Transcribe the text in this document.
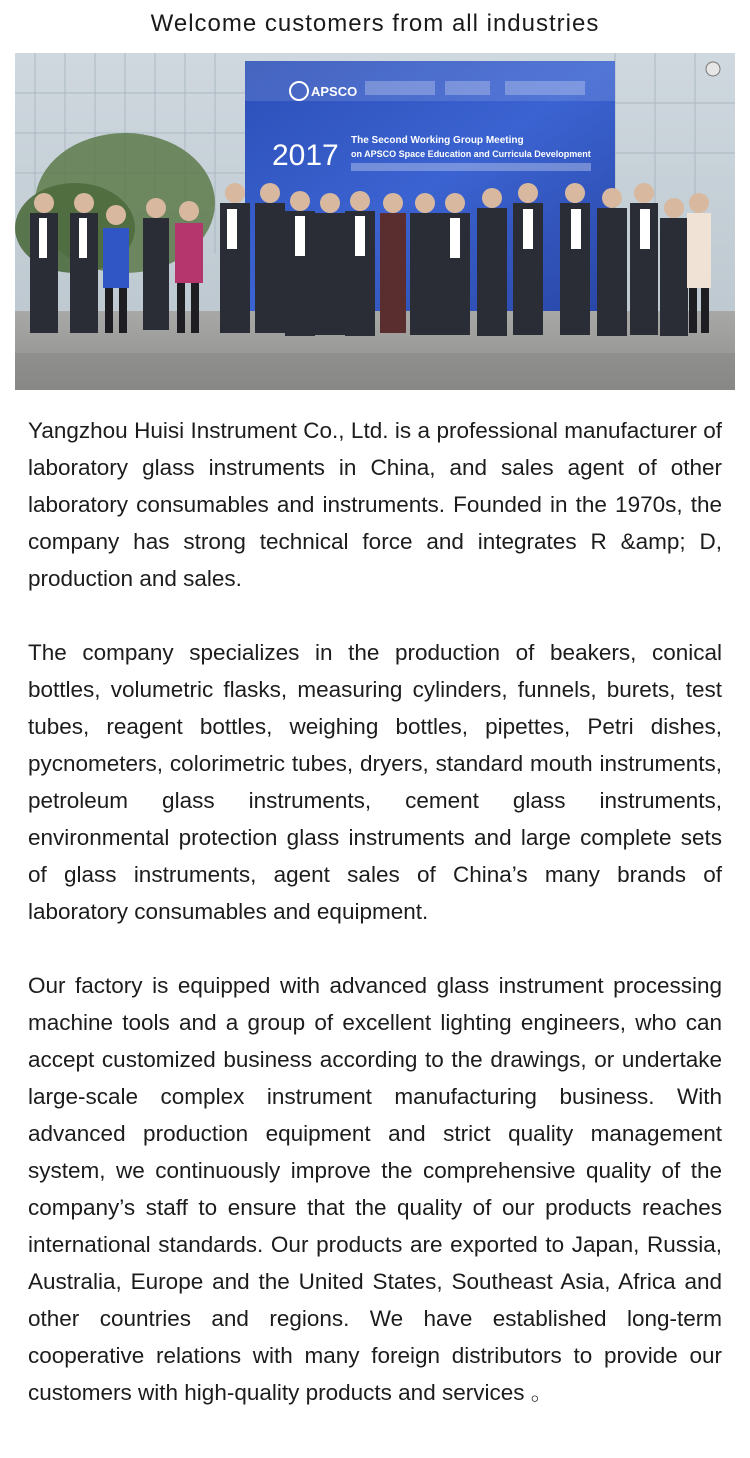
Welcome customers from all industries
APSCO
2017 The Second Working Group Meeting
on APSCO Space Education and Curricula Development

Yangzhou Huisi Instrument Co., Ltd. is a professional manufacturer of laboratory glass instruments in China, and sales agent of other laboratory consumables and instruments. Founded in the 1970s, the company has strong technical force and integrates R &amp; D, production and sales.

The company specializes in the production of beakers, conical bottles, volumetric flasks, measuring cylinders, funnels, burets, test tubes, reagent bottles, weighing bottles, pipettes, Petri dishes, pycnometers, colorimetric tubes, dryers, standard mouth instruments, petroleum glass instruments, cement glass instruments, environmental protection glass instruments and large complete sets of glass instruments, agent sales of China’s many brands of laboratory consumables and equipment.

Our factory is equipped with advanced glass instrument processing machine tools and a group of excellent lighting engineers, who can accept customized business according to the drawings, or undertake large-scale complex instrument manufacturing business. With advanced production equipment and strict quality management system, we continuously improve the comprehensive quality of the company’s staff to ensure that the quality of our products reaches international standards. Our products are exported to Japan, Russia, Australia, Europe and the United States, Southeast Asia, Africa and other countries and regions. We have established long-term cooperative relations with many foreign distributors to provide our customers with high-quality products and services 。
